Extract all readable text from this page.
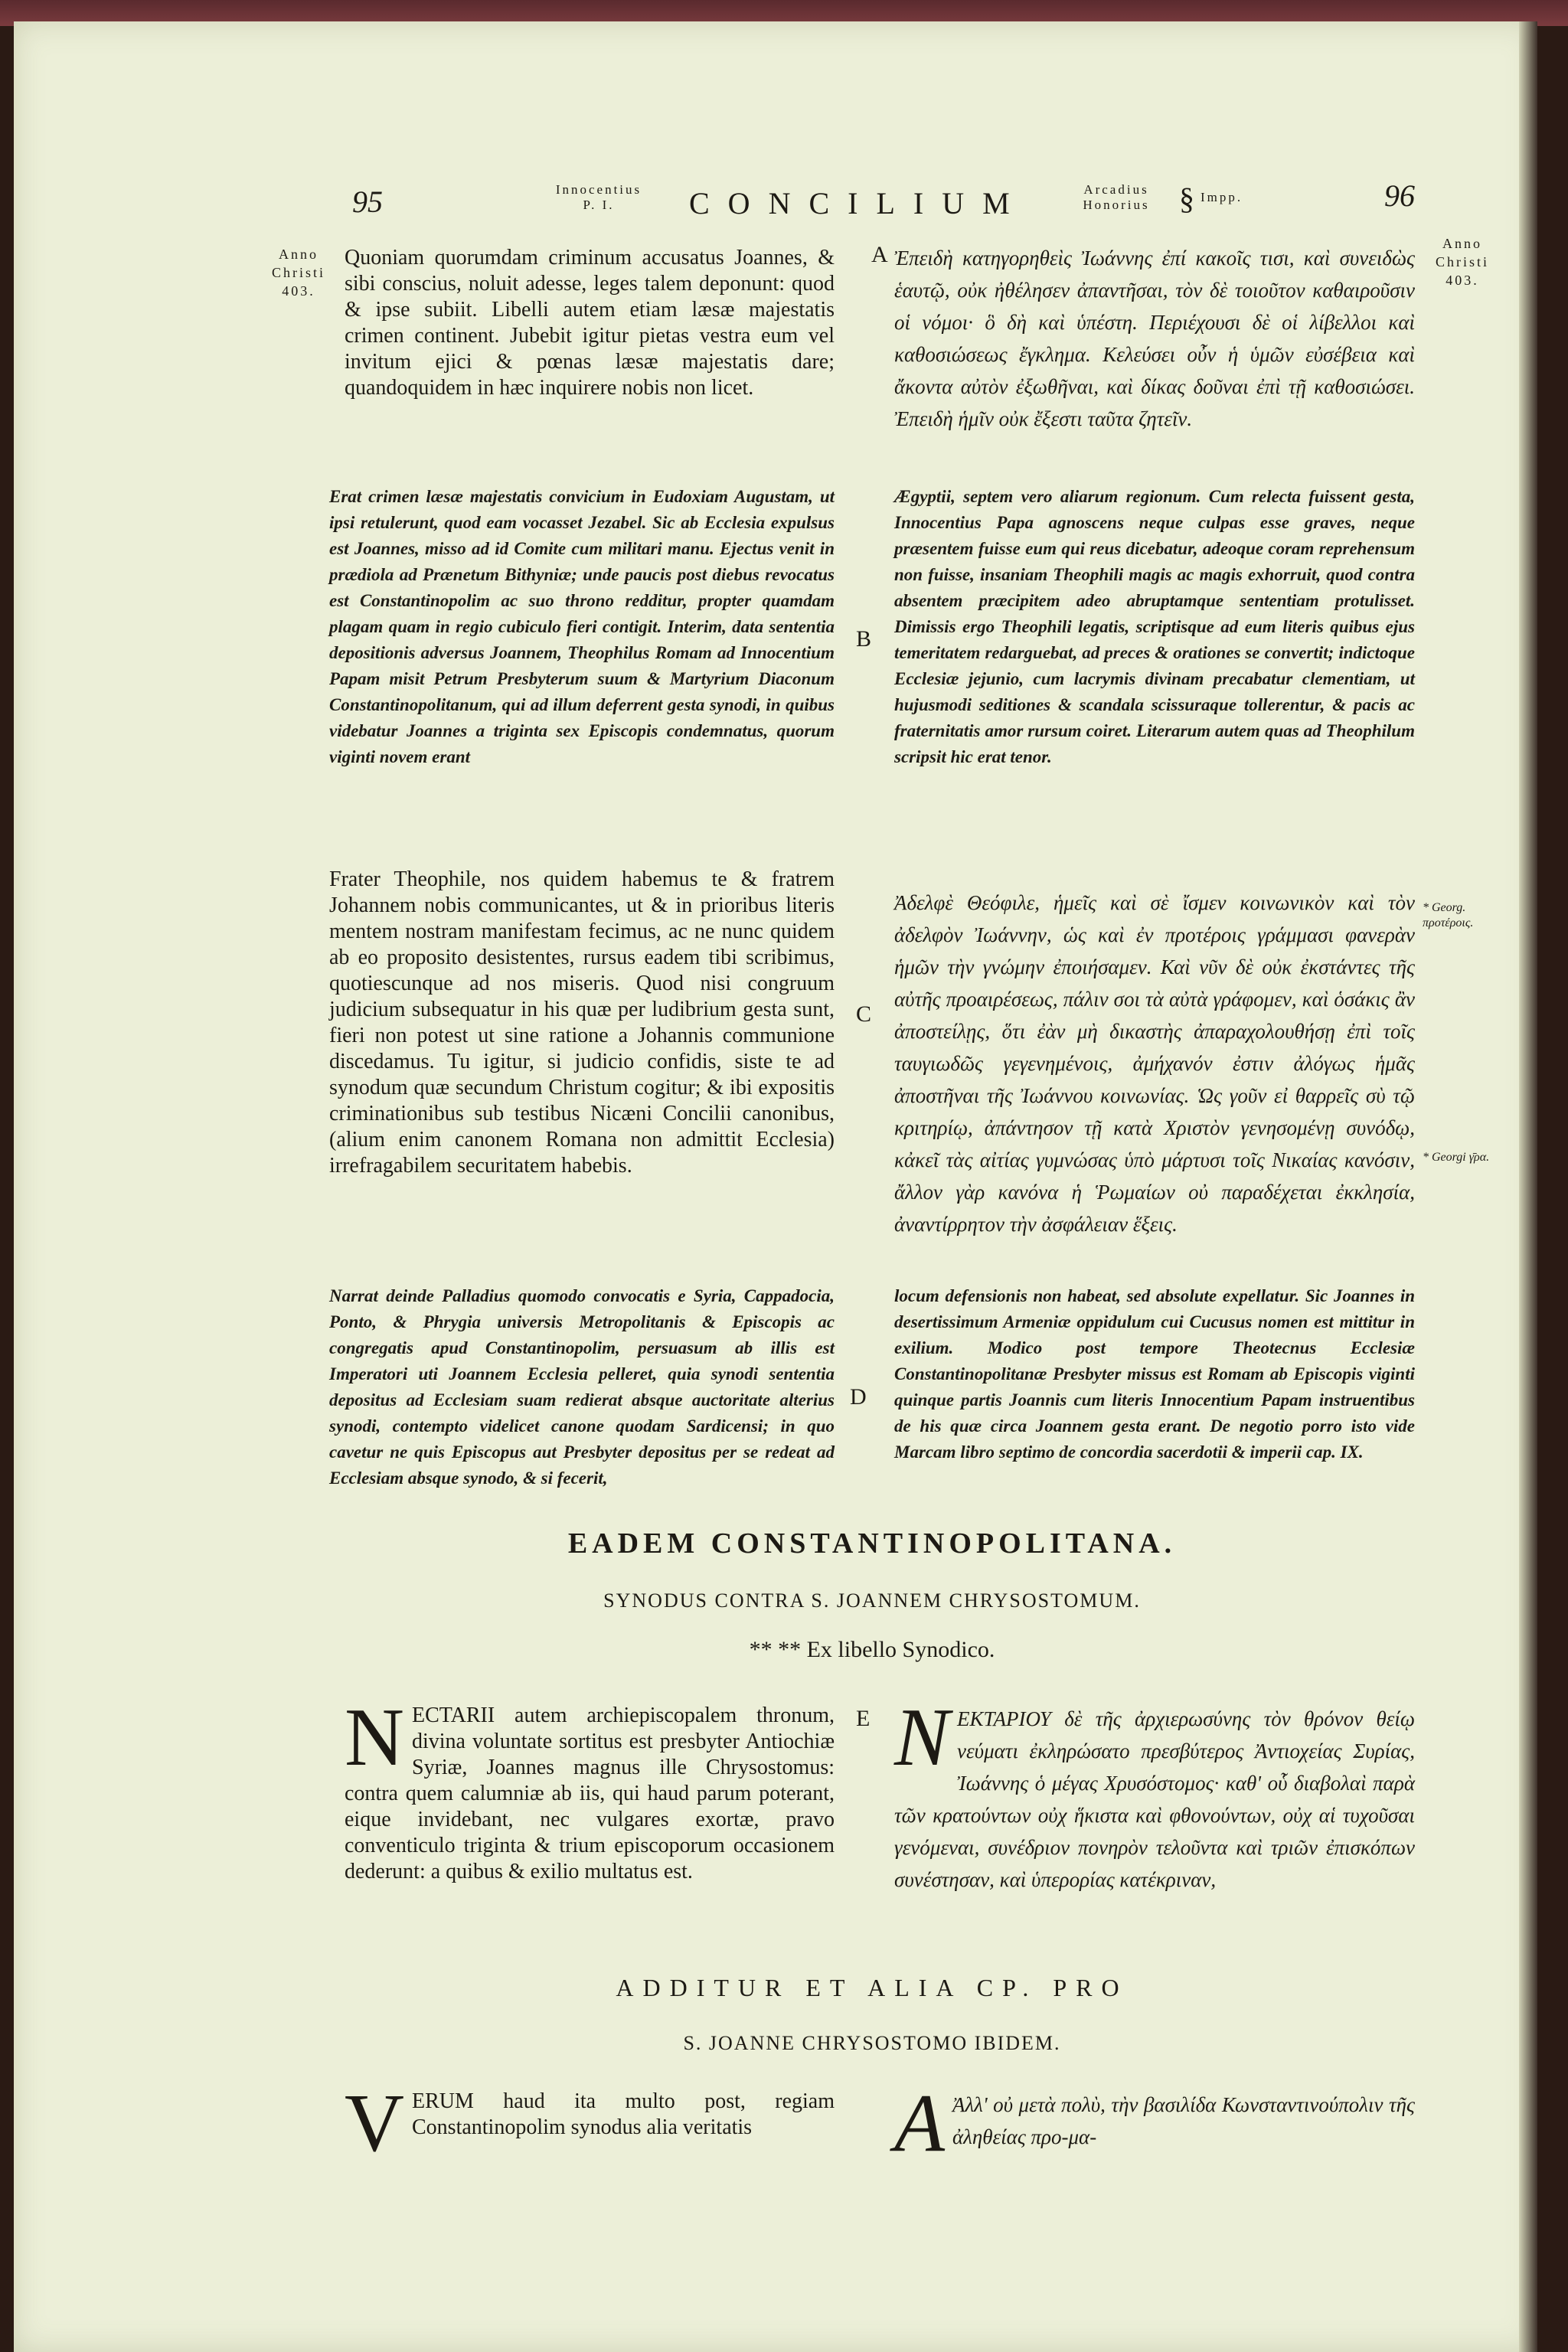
95	Innocentius
P. I.	CONCILIUM	Arcadius
Honorius § Impp.	96
Anno
Christi
403.
Anno
Christi
403.
* Georg. προτέροις.
* Georgi γ̄ρα.
A
B
C
D
E
Quoniam quorumdam criminum accusatus Joannes, & sibi conscius, noluit adesse, leges talem deponunt: quod & ipse subiit. Libelli autem etiam læsæ majestatis crimen continent. Jubebit igitur pietas vestra eum vel invitum ejici & pœnas læsæ majestatis dare; quandoquidem in hæc inquirere nobis non licet.
Ἐπειδὴ κατηγορηθεὶς Ἰωάννης ἐπί κακοῖς τισι, καὶ συνειδὼς ἑαυτῷ, οὐκ ἠθέλησεν ἀπαντῆσαι, τὸν δὲ τοιοῦτον καθαιροῦσιν οἱ νόμοι· ὃ δὴ καὶ ὑπέστη. Περιέχουσι δὲ οἱ λίβελλοι καὶ καθοσιώσεως ἔγκλημα. Κελεύσει οὖν ἡ ὑμῶν εὐσέβεια καὶ ἄκοντα αὐτὸν ἐξωθῆναι, καὶ δίκας δοῦναι ἐπὶ τῇ καθοσιώσει. Ἐπειδὴ ἡμῖν οὐκ ἔξεστι ταῦτα ζητεῖν.
Erat crimen læsæ majestatis convicium in Eudoxiam Augustam, ut ipsi retulerunt, quod eam vocasset Jezabel. Sic ab Ecclesia expulsus est Joannes, misso ad id Comite cum militari manu. Ejectus venit in prædiola ad Prænetum Bithyniæ; unde paucis post diebus revocatus est Constantinopolim ac suo throno redditur, propter quamdam plagam quam in regio cubiculo fieri contigit. Interim, data sententia depositionis adversus Joannem, Theophilus Romam ad Innocentium Papam misit Petrum Presbyterum suum & Martyrium Diaconum Constantinopolitanum, qui ad illum deferrent gesta synodi, in quibus videbatur Joannes a triginta sex Episcopis condemnatus, quorum viginti novem erant
Ægyptii, septem vero aliarum regionum. Cum relecta fuissent gesta, Innocentius Papa agnoscens neque culpas esse graves, neque præsentem fuisse eum qui reus dicebatur, adeoque coram reprehensum non fuisse, insaniam Theophili magis ac magis exhorruit, quod contra absentem præcipitem adeo abruptamque sententiam protulisset. Dimissis ergo Theophili legatis, scriptisque ad eum literis quibus ejus temeritatem redarguebat, ad preces & orationes se convertit; indictoque Ecclesiæ jejunio, cum lacrymis divinam precabatur clementiam, ut hujusmodi seditiones & scandala scissuraque tollerentur, & pacis ac fraternitatis amor rursum coiret. Literarum autem quas ad Theophilum scripsit hic erat tenor.
Frater Theophile, nos quidem habemus te & fratrem Johannem nobis communicantes, ut & in prioribus literis mentem nostram manifestam fecimus, ac ne nunc quidem ab eo proposito desistentes, rursus eadem tibi scribimus, quotiescunque ad nos miseris. Quod nisi congruum judicium subsequatur in his quæ per ludibrium gesta sunt, fieri non potest ut sine ratione a Johannis communione discedamus. Tu igitur, si judicio confidis, siste te ad synodum quæ secundum Christum cogitur; & ibi expositis criminationibus sub testibus Nicæni Concilii canonibus, (alium enim canonem Romana non admittit Ecclesia) irrefragabilem securitatem habebis.
Ἀδελφὲ Θεόφιλε, ἡμεῖς καὶ σὲ ἴσμεν κοινωνικὸν καὶ τὸν ἀδελφὸν Ἰωάννην, ὡς καὶ ἐν προτέροις γράμμασι φανερὰν ἡμῶν τὴν γνώμην ἐποιήσαμεν. Καὶ νῦν δὲ οὐκ ἐκστάντες τῆς αὐτῆς προαιρέσεως, πάλιν σοι τὰ αὐτὰ γράφομεν, καὶ ὁσάκις ἂν ἀποστείλῃς, ὅτι ἐὰν μὴ δικαστὴς ἀπαραχολουθήσῃ ἐπὶ τοῖς ταυγιωδῶς γεγενημένοις, ἀμήχανόν ἐστιν ἀλόγως ἡμᾶς ἀποστῆναι τῆς Ἰωάννου κοινωνίας. Ὡς γοῦν εἰ θαρρεῖς σὺ τῷ κριτηρίῳ, ἀπάντησον τῇ κατὰ Χριστὸν γενησομένῃ συνόδῳ, κἀκεῖ τὰς αἰτίας γυμνώσας ὑπὸ μάρτυσι τοῖς Νικαίας κανόσιν, ἄλλον γὰρ κανόνα ἡ Ῥωμαίων οὐ παραδέχεται ἐκκλησία, ἀναντίρρητον τὴν ἀσφάλειαν ἕξεις.
Narrat deinde Palladius quomodo convocatis e Syria, Cappadocia, Ponto, & Phrygia universis Metropolitanis & Episcopis ac congregatis apud Constantinopolim, persuasum ab illis est Imperatori uti Joannem Ecclesia pelleret, quia synodi sententia depositus ad Ecclesiam suam redierat absque auctoritate alterius synodi, contempto videlicet canone quodam Sardicensi; in quo cavetur ne quis Episcopus aut Presbyter depositus per se redeat ad Ecclesiam absque synodo, & si fecerit,
locum defensionis non habeat, sed absolute expellatur. Sic Joannes in desertissimum Armeniæ oppidulum cui Cucusus nomen est mittitur in exilium. Modico post tempore Theotecnus Ecclesiæ Constantinopolitanæ Presbyter missus est Romam ab Episcopis viginti quinque partis Joannis cum literis Innocentium Papam instruentibus de his quæ circa Joannem gesta erant. De negotio porro isto vide Marcam libro septimo de concordia sacerdotii & imperii cap. IX.
EADEM CONSTANTINOPOLITANA.
SYNODUS CONTRA S. JOANNEM CHRYSOSTOMUM.
** ** Ex libello Synodico.
N ECTARII autem archiepiscopalem thronum, divina voluntate sortitus est presbyter Antiochiæ Syriæ, Joannes magnus ille Chrysostomus: contra quem calumniæ ab iis, qui haud parum poterant, eique invidebant, nec vulgares exortæ, pravo conventiculo triginta & trium episcoporum occasionem dederunt: a quibus & exilio multatus est.
N ΕΚΤΑΡΙΟΥ δὲ τῆς ἀρχιερωσύνης τὸν θρόνον θείῳ νεύματι ἐκληρώσατο πρεσβύτερος Ἀντιοχείας Συρίας, Ἰωάννης ὁ μέγας Χρυσόστομος· καθ' οὗ διαβολαὶ παρὰ τῶν κρατούντων οὐχ ἥκιστα καὶ φθονούντων, οὐχ αἱ τυχοῦσαι γενόμεναι, συνέδριον πονηρὸν τελοῦντα καὶ τριῶν ἐπισκόπων συνέστησαν, καὶ ὑπερορίας κατέκριναν,
ADDITUR ET ALIA CP. PRO
S. JOANNE CHRYSOSTOMO IBIDEM.
V ERUM haud ita multo post, regiam Constantinopolim synodus alia veritatis	A Ἀλλ' οὐ μετὰ πολὺ, τὴν βασιλίδα Κωνσταντινούπολιν τῆς ἀληθείας προ-μα-
